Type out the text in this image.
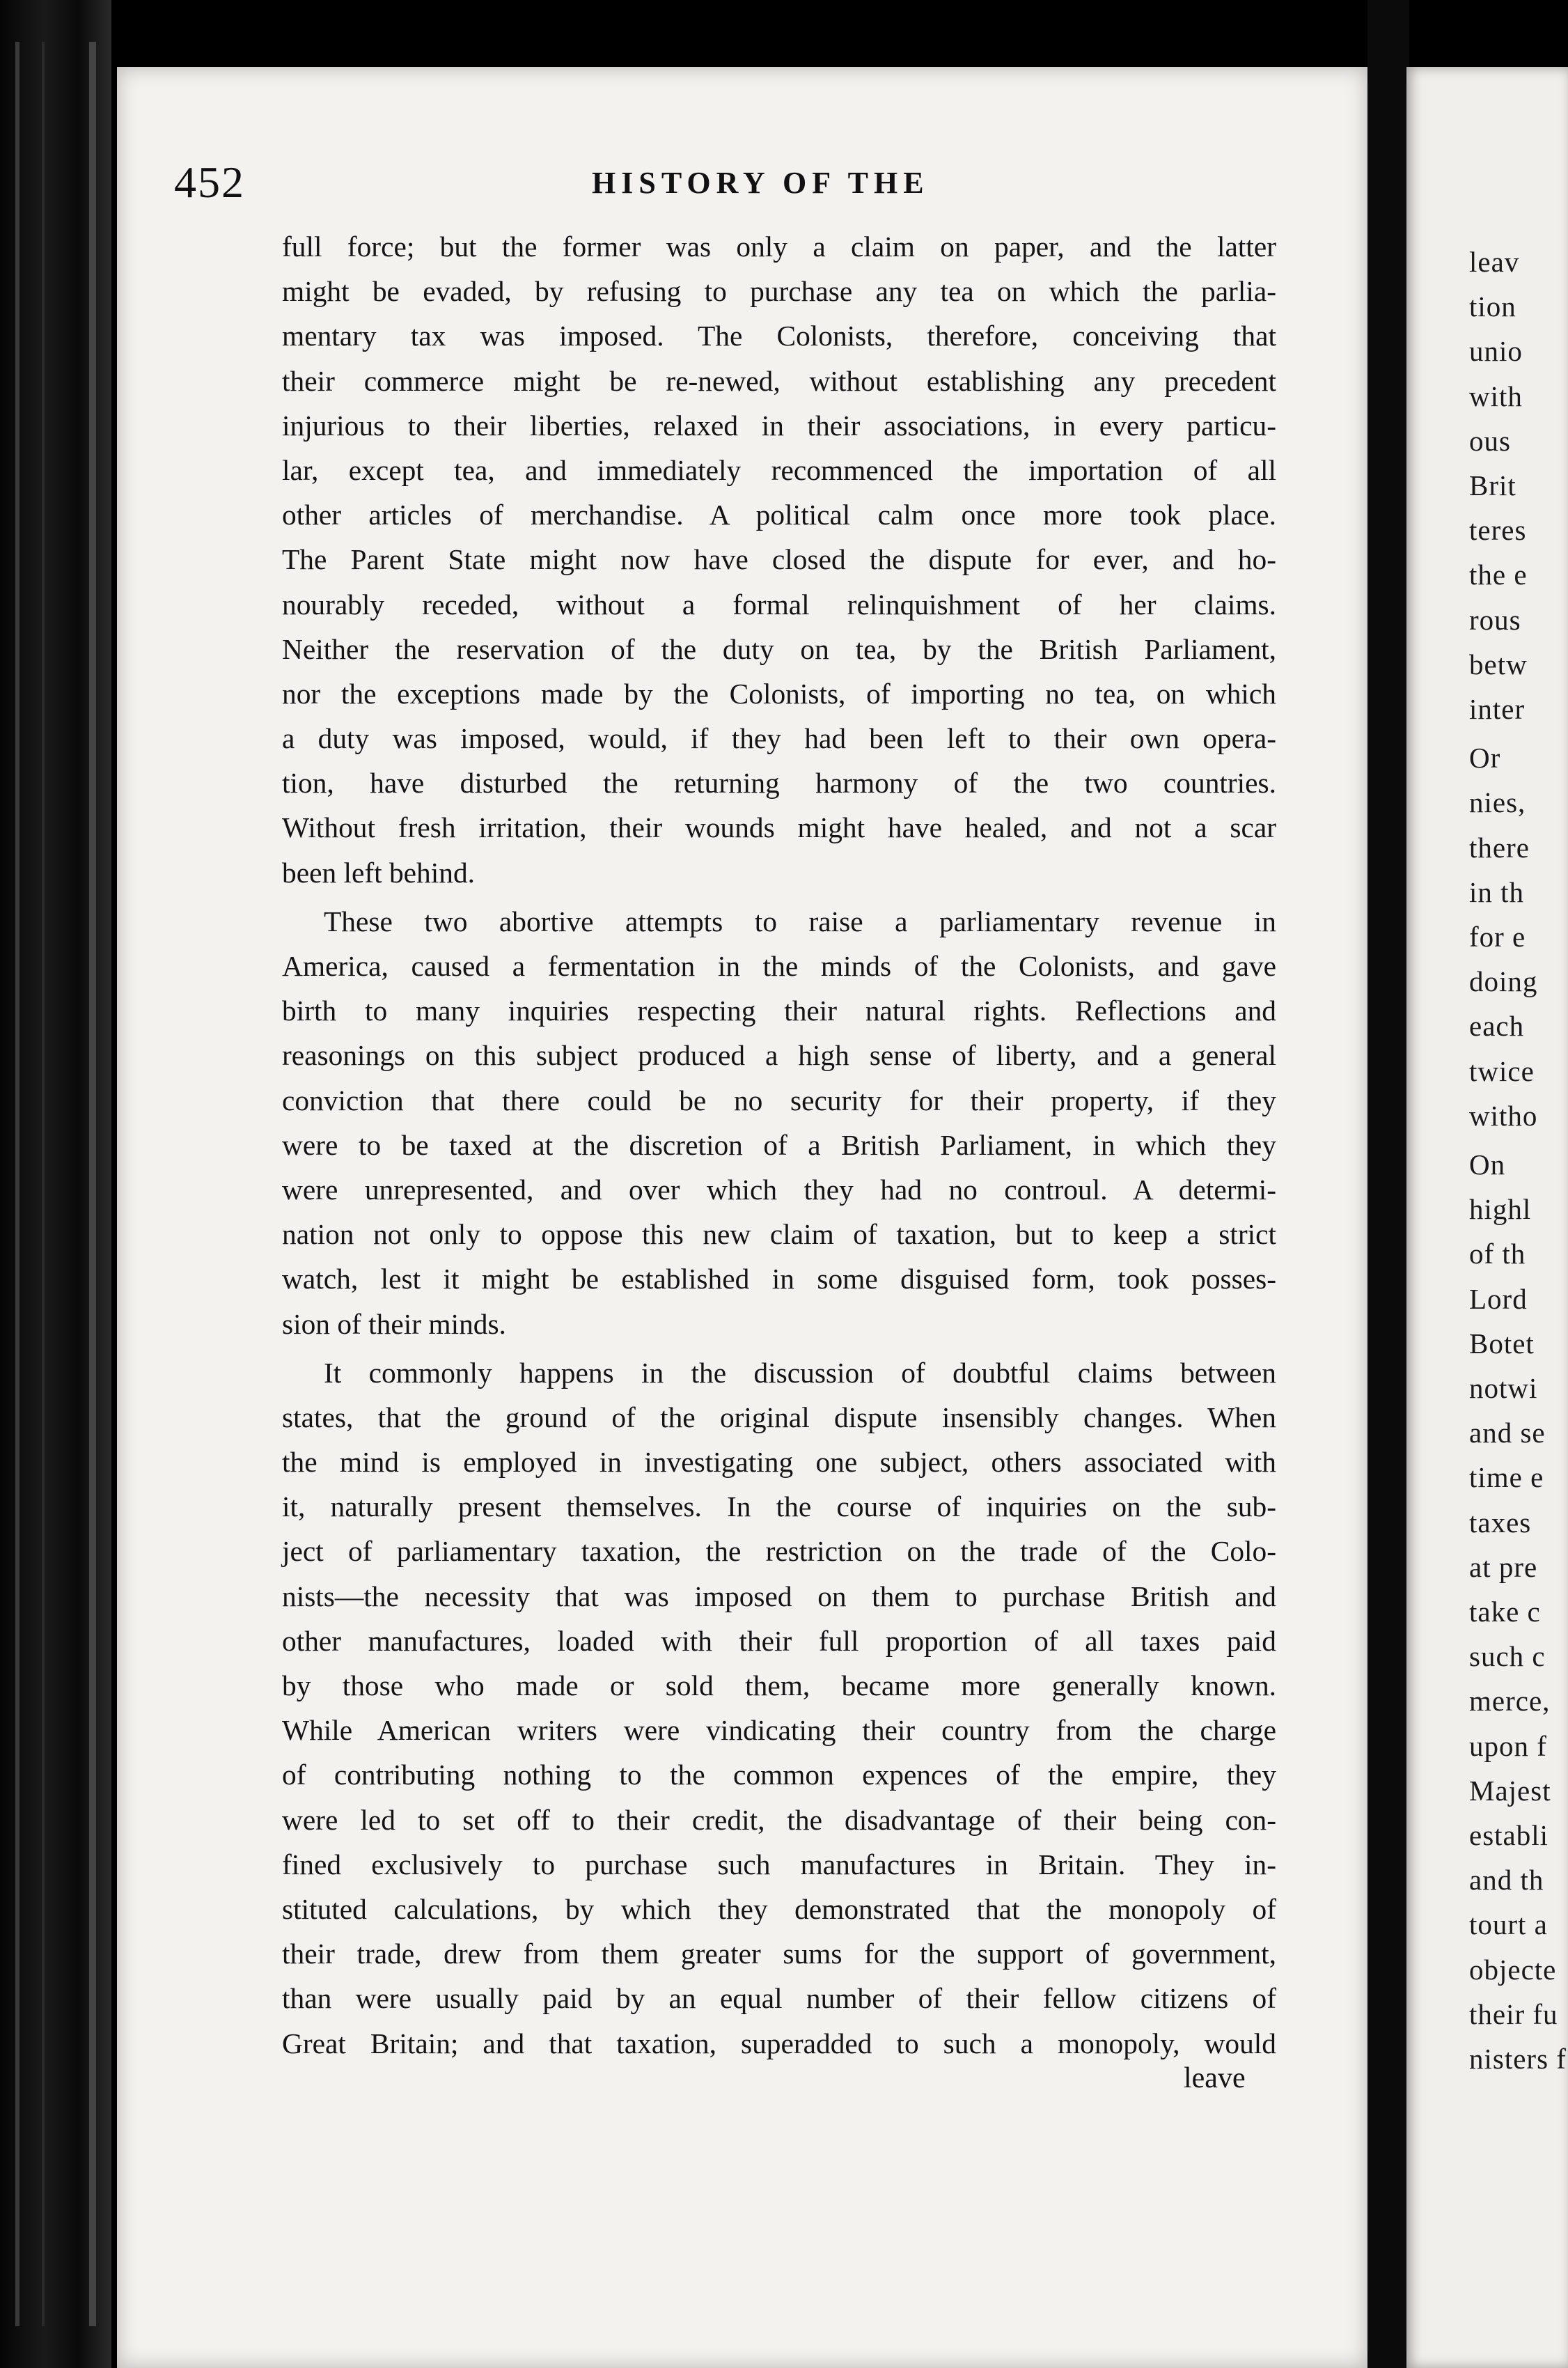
leav

tion

unio

with

ous

Brit

teres

the e

rous

betw

inter

Or

nies,

there

in th

for e

doing

each

twice

witho

On

highl

of th

Lord

Botet

notwi

and se

time e

taxes

at pre

take c

such c

merce,

upon f

Majest

establi

and th

tourt a

objecte

their fu

nisters f

452	HISTORY OF THE

full force; but the former was only a claim on paper, and the latter
might be evaded, by refusing to purchase any tea on which the parlia-
mentary tax was imposed. The Colonists, therefore, conceiving that
their commerce might be re-newed, without establishing any precedent
injurious to their liberties, relaxed in their associations, in every particu-
lar, except tea, and immediately recommenced the importation of all
other articles of merchandise. A political calm once more took place.
The Parent State might now have closed the dispute for ever, and ho-
nourably receded, without a formal relinquishment of her claims.
Neither the reservation of the duty on tea, by the British Parliament,
nor the exceptions made by the Colonists, of importing no tea, on which
a duty was imposed, would, if they had been left to their own opera-
tion, have disturbed the returning harmony of the two countries.
Without fresh irritation, their wounds might have healed, and not a scar
been left behind.
These two abortive attempts to raise a parliamentary revenue in
America, caused a fermentation in the minds of the Colonists, and gave
birth to many inquiries respecting their natural rights. Reflections and
reasonings on this subject produced a high sense of liberty, and a general
conviction that there could be no security for their property, if they
were to be taxed at the discretion of a British Parliament, in which they
were unrepresented, and over which they had no controul. A determi-
nation not only to oppose this new claim of taxation, but to keep a strict
watch, lest it might be established in some disguised form, took posses-
sion of their minds.
It commonly happens in the discussion of doubtful claims between
states, that the ground of the original dispute insensibly changes. When
the mind is employed in investigating one subject, others associated with
it, naturally present themselves. In the course of inquiries on the sub-
ject of parliamentary taxation, the restriction on the trade of the Colo-
nists—the necessity that was imposed on them to purchase British and
other manufactures, loaded with their full proportion of all taxes paid
by those who made or sold them, became more generally known.
While American writers were vindicating their country from the charge
of contributing nothing to the common expences of the empire, they
were led to set off to their credit, the disadvantage of their being con-
fined exclusively to purchase such manufactures in Britain. They in-
stituted calculations, by which they demonstrated that the monopoly of
their trade, drew from them greater sums for the support of government,
than were usually paid by an equal number of their fellow citizens of
Great Britain; and that taxation, superadded to such a monopoly, would

leave
